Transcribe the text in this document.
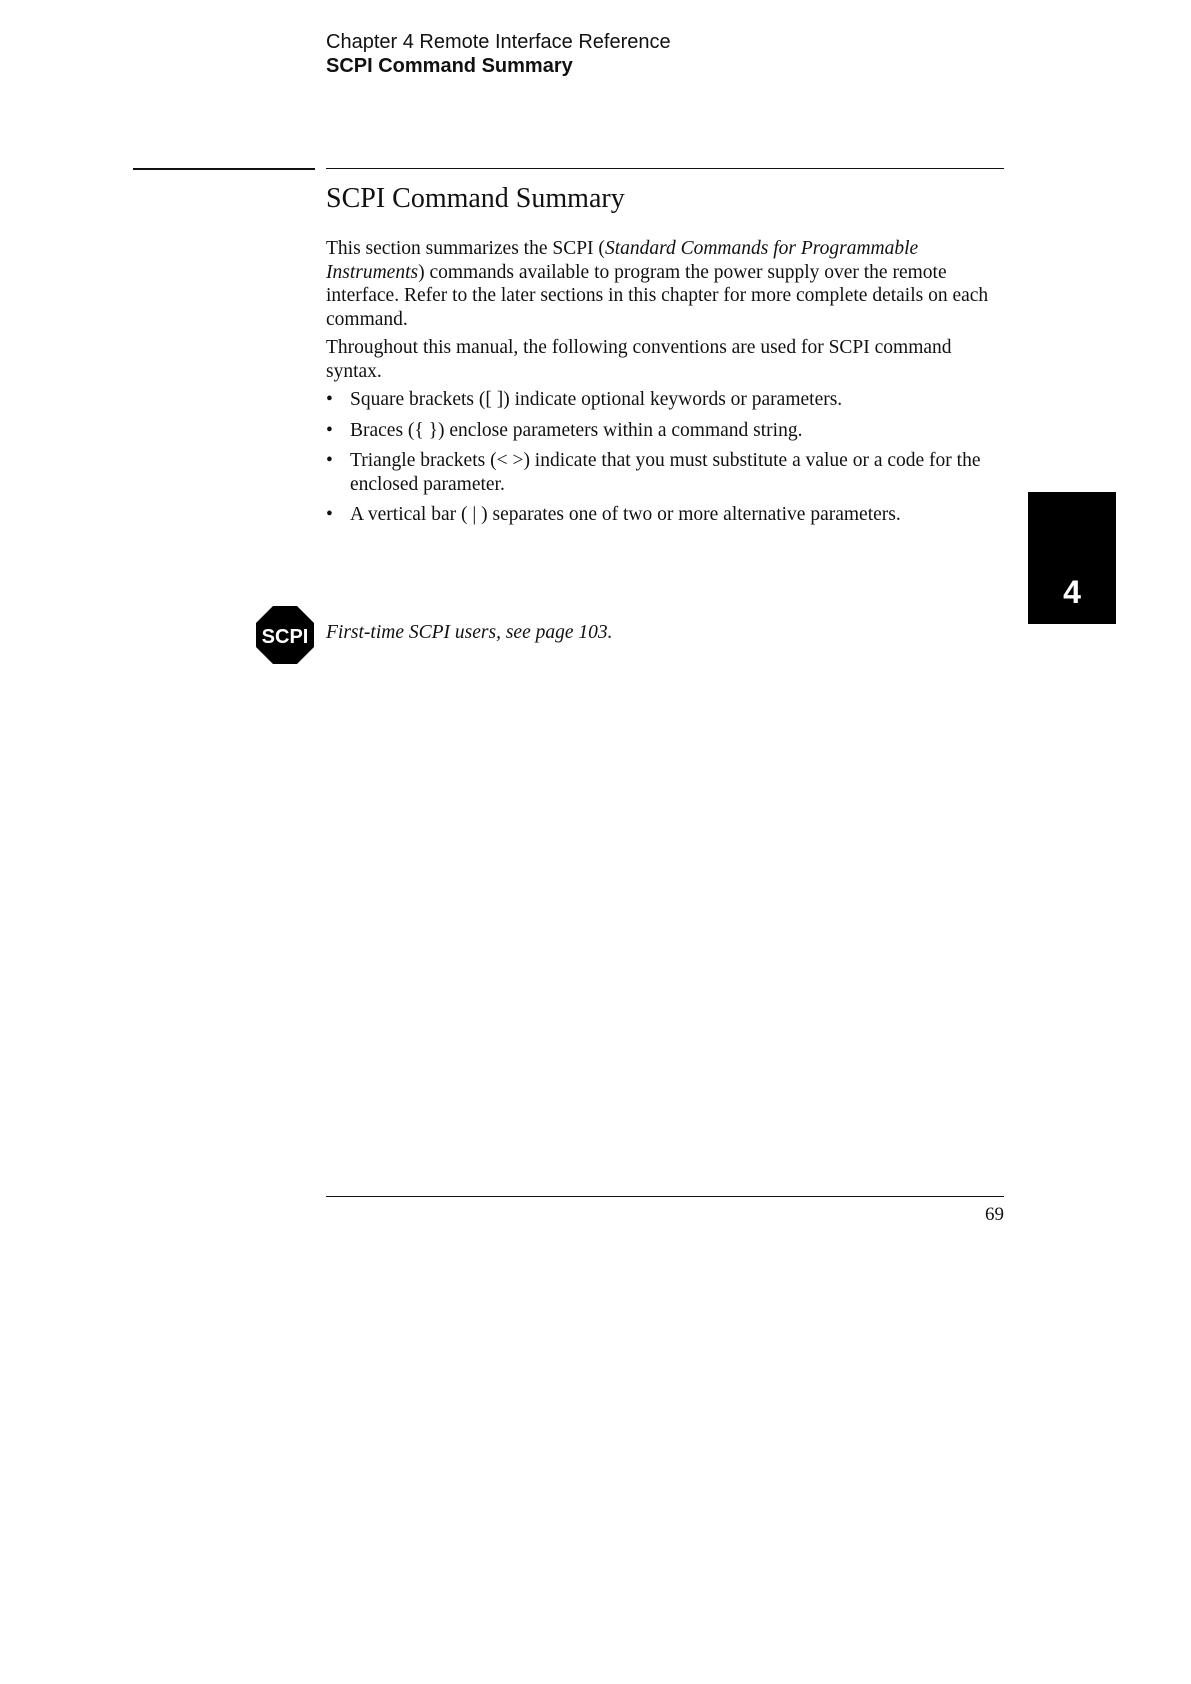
Chapter 4 Remote Interface Reference
SCPI Command Summary
SCPI Command Summary

This section summarizes the SCPI (Standard Commands for Programmable Instruments) commands available to program the power supply over the remote interface. Refer to the later sections in this chapter for more complete details on each command.

Throughout this manual, the following conventions are used for SCPI command syntax.

• Square brackets ([ ]) indicate optional keywords or parameters.
• Braces ({ }) enclose parameters within a command string.
• Triangle brackets (< >) indicate that you must substitute a value or a code for the enclosed parameter.
• A vertical bar ( | ) separates one of two or more alternative parameters.
SCPI First-time SCPI users, see page 103.
4
69
